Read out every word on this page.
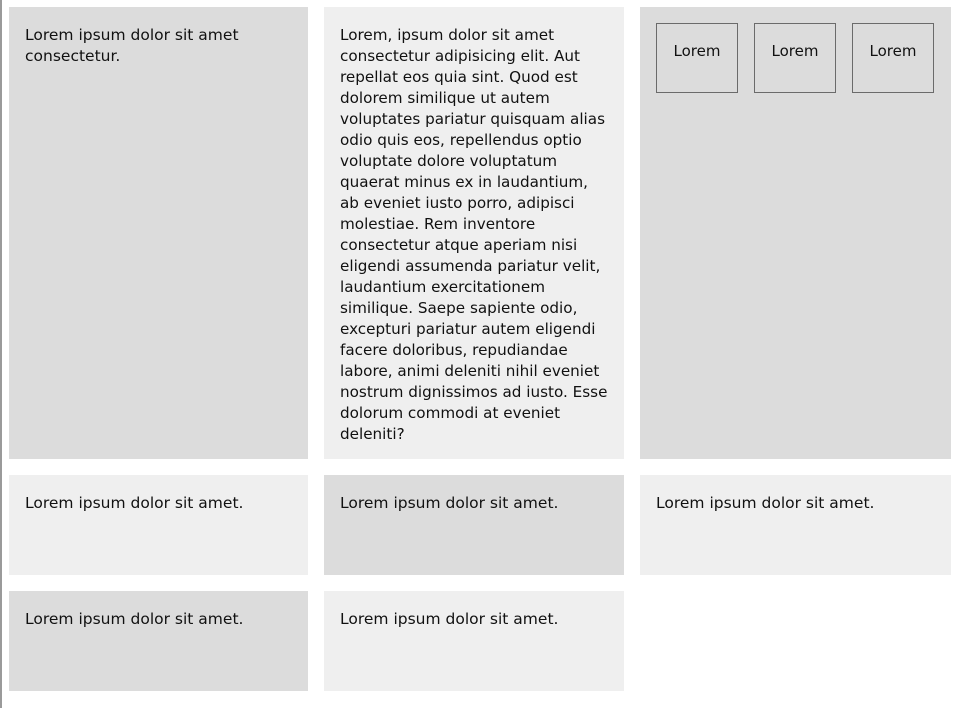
Lorem ipsum dolor sit amet consectetur.
Lorem, ipsum dolor sit amet consectetur adipisicing elit. Aut repellat eos quia sint. Quod est dolorem similique ut autem voluptates pariatur quisquam alias odio quis eos, repellendus optio voluptate dolore voluptatum quaerat minus ex in laudantium, ab eveniet iusto porro, adipisci molestiae. Rem inventore consectetur atque aperiam nisi eligendi assumenda pariatur velit, laudantium exercitationem similique. Saepe sapiente odio, excepturi pariatur autem eligendi facere doloribus, repudiandae labore, animi deleniti nihil eveniet nostrum dignissimos ad iusto. Esse dolorum commodi at eveniet deleniti?
Lorem	Lorem	Lorem
Lorem ipsum dolor sit amet.	Lorem ipsum dolor sit amet.	Lorem ipsum dolor sit amet.
Lorem ipsum dolor sit amet.	Lorem ipsum dolor sit amet.
